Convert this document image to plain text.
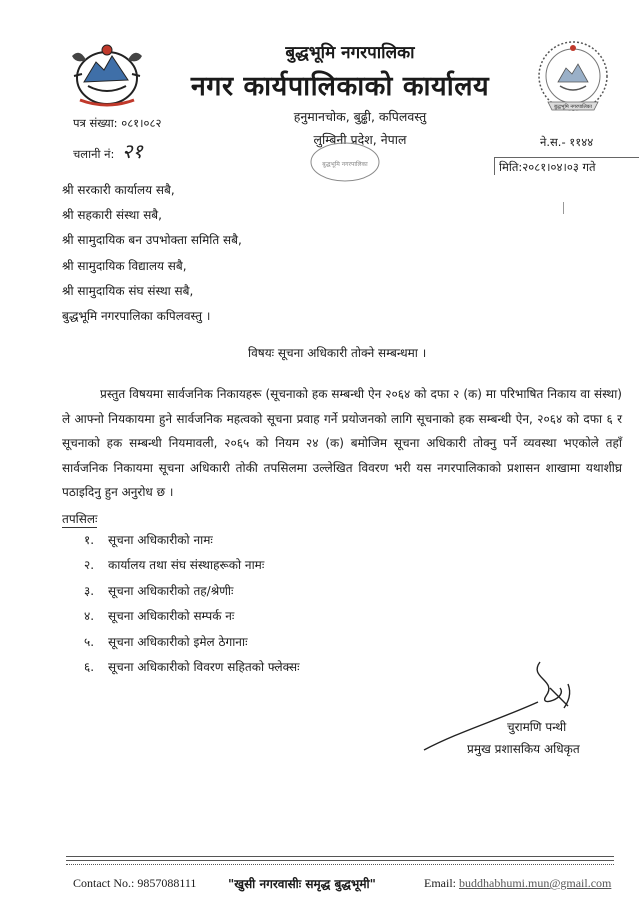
बुद्धभूमि नगरपालिका
बुद्धभूमि नगरपालिका
नगर कार्यपालिकाको कार्यालय
हनुमानचोक, बुढ्ढी, कपिलवस्तु
लुम्बिनी प्रदेश, नेपाल
बुद्धभूमि नगरपालिका
पत्र संख्या: ०८१।०८२
चलानी नं: २१	ने.स.- ११४४
मिति:२०८१।०४।०३ गते
श्री सरकारी कार्यालय सबै,
श्री सहकारी संस्था सबै,
श्री सामुदायिक बन उपभोक्ता समिति सबै,
श्री सामुदायिक विद्यालय सबै,
श्री सामुदायिक संघ संस्था सबै,
बुद्धभूमि नगरपालिका कपिलवस्तु ।
विषयः सूचना अधिकारी तोक्ने सम्बन्धमा ।
प्रस्तुत विषयमा सार्वजनिक निकायहरू (सूचनाको हक सम्बन्धी ऐन २०६४ को दफा २ (क) मा परिभाषित निकाय वा संस्था) ले आफ्नो नियकायमा हुने सार्वजनिक महत्वको सूचना प्रवाह गर्ने प्रयोजनको लागि सूचनाको हक सम्बन्धी ऐन, २०६४ को दफा ६ र सूचनाको हक सम्बन्धी नियमावली, २०६५ को नियम २४ (क) बमोजिम सूचना अधिकारी तोक्नु पर्ने व्यवस्था भएकोले तहाँ सार्वजनिक निकायमा सूचना अधिकारी तोकी तपसिलमा उल्लेखित विवरण भरी यस नगरपालिकाको प्रशासन शाखामा यथाशीघ्र पठाइदिनु हुन अनुरोध छ ।
तपसिलः
१. सूचना अधिकारीको नामः
२. कार्यालय तथा संघ संस्थाहरूको नामः
३. सूचना अधिकारीको तह/श्रेणीः
४. सूचना अधिकारीको सम्पर्क नः
५. सूचना अधिकारीको इमेल ठेगानाः
६. सूचना अधिकारीको विवरण सहितको फ्लेक्सः
चुरामणि पन्थी
प्रमुख प्रशासकिय अधिकृत
Contact No.: 9857088111	"खुसी नगरवासीः समृद्ध बुद्धभूमी"	Email: buddhabhumi.mun@gmail.com
